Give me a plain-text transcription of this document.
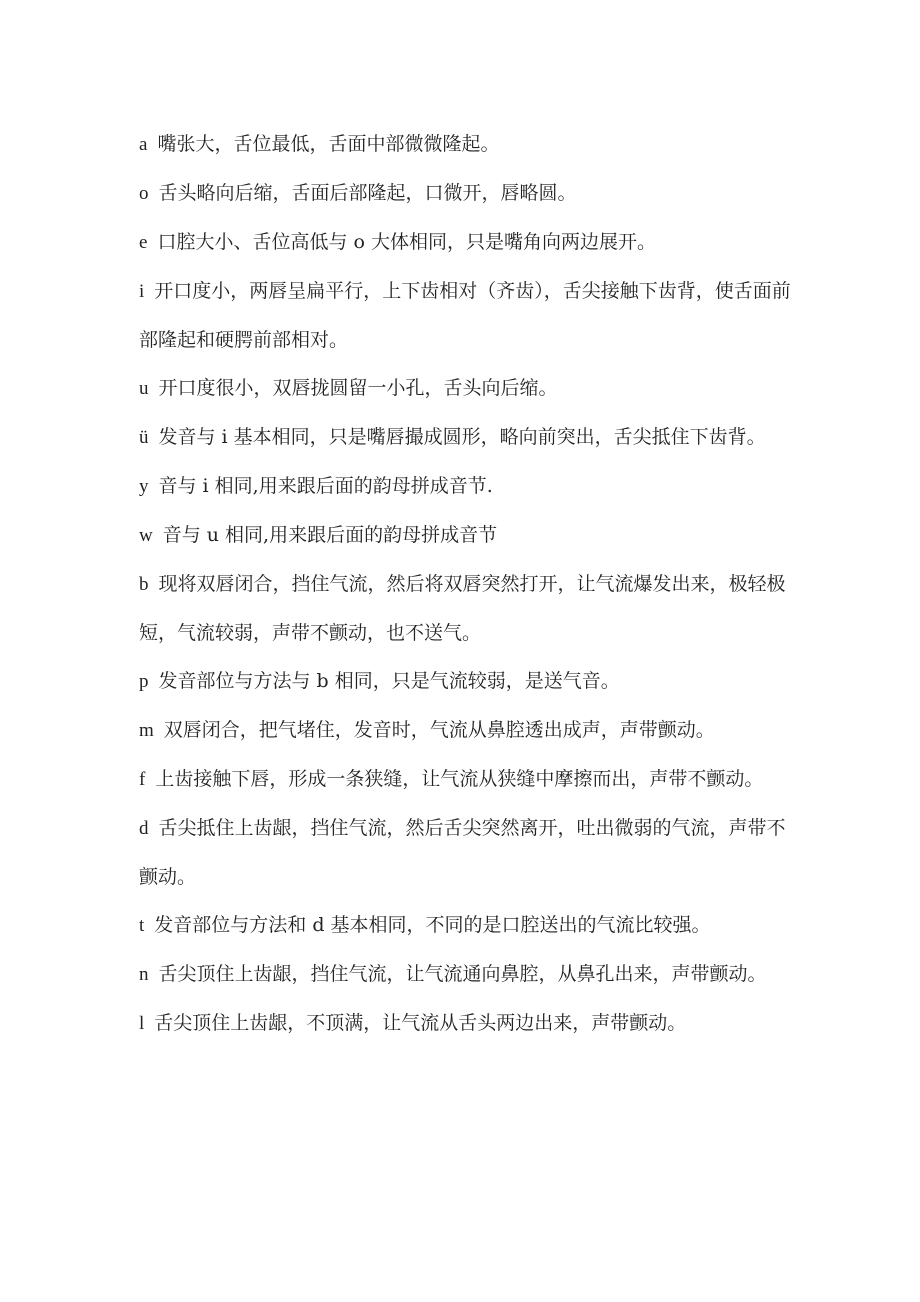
a 嘴张大，舌位最低，舌面中部微微隆起。

o 舌头略向后缩，舌面后部隆起，口微开，唇略圆。

e 口腔大小、舌位高低与 o 大体相同，只是嘴角向两边展开。

i 开口度小，两唇呈扁平行，上下齿相对（齐齿），舌尖接触下齿背，使舌面前部隆起和硬腭前部相对。

u 开口度很小，双唇拢圆留一小孔，舌头向后缩。

ü 发音与 i 基本相同，只是嘴唇撮成圆形，略向前突出，舌尖抵住下齿背。

y 音与 i 相同,用来跟后面的韵母拼成音节.

w 音与 u 相同,用来跟后面的韵母拼成音节

b 现将双唇闭合，挡住气流，然后将双唇突然打开，让气流爆发出来，极轻极短，气流较弱，声带不颤动，也不送气。

p 发音部位与方法与 b 相同，只是气流较弱，是送气音。

m 双唇闭合，把气堵住，发音时，气流从鼻腔透出成声，声带颤动。

f 上齿接触下唇，形成一条狭缝，让气流从狭缝中摩擦而出，声带不颤动。

d 舌尖抵住上齿龈，挡住气流，然后舌尖突然离开，吐出微弱的气流，声带不颤动。

t 发音部位与方法和 d 基本相同，不同的是口腔送出的气流比较强。

n 舌尖顶住上齿龈，挡住气流，让气流通向鼻腔，从鼻孔出来，声带颤动。

l 舌尖顶住上齿龈，不顶满，让气流从舌头两边出来，声带颤动。
